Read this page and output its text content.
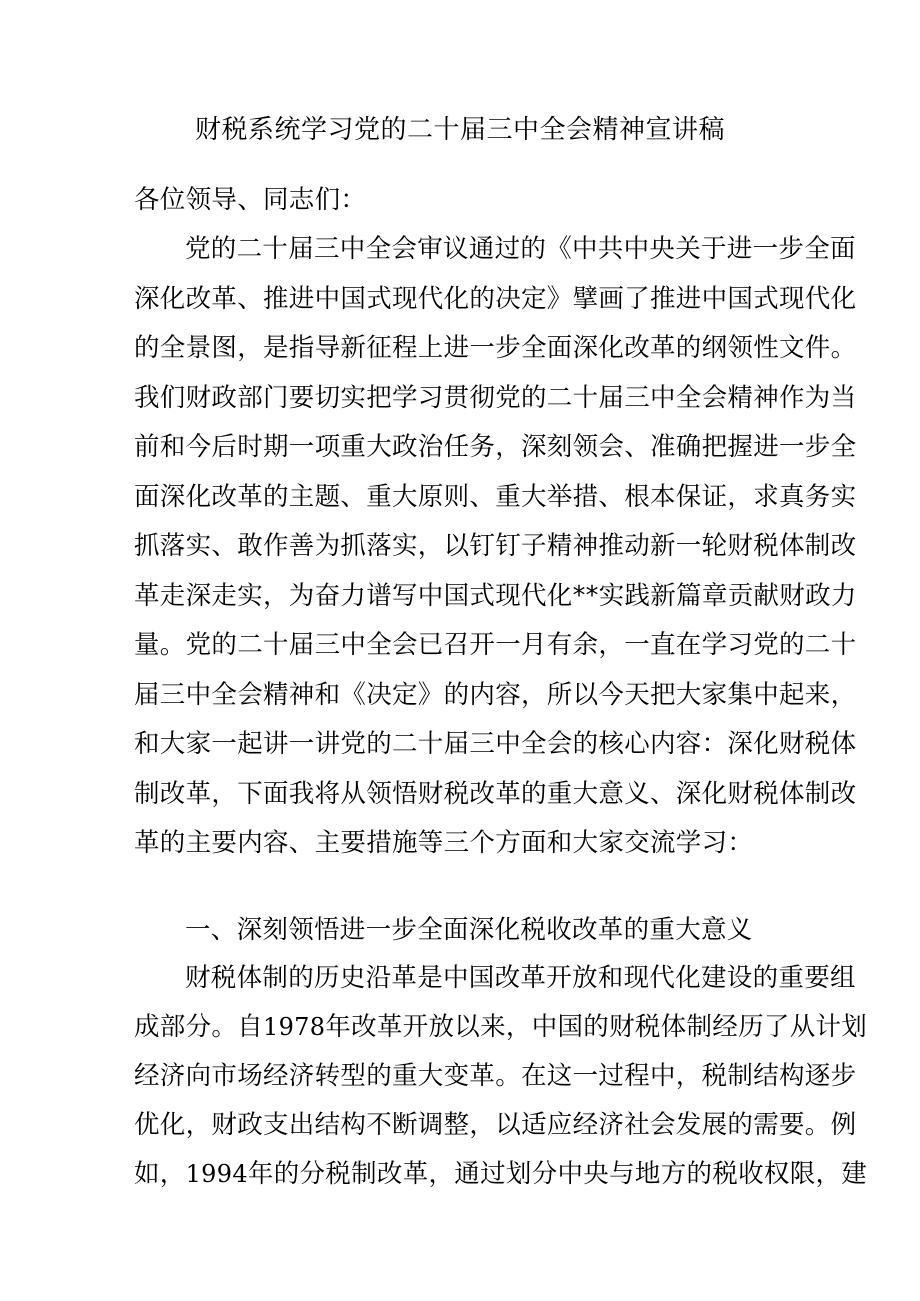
财税系统学习党的二十届三中全会精神宣讲稿
各位领导、同志们：
党的二十届三中全会审议通过的《中共中央关于进一步全面
深化改革、推进中国式现代化的决定》擘画了推进中国式现代化
的全景图，是指导新征程上进一步全面深化改革的纲领性文件。
我们财政部门要切实把学习贯彻党的二十届三中全会精神作为当
前和今后时期一项重大政治任务，深刻领会、准确把握进一步全
面深化改革的主题、重大原则、重大举措、根本保证，求真务实
抓落实、敢作善为抓落实，以钉钉子精神推动新一轮财税体制改
革走深走实，为奋力谱写中国式现代化**实践新篇章贡献财政力
量。党的二十届三中全会已召开一月有余，一直在学习党的二十
届三中全会精神和《决定》的内容，所以今天把大家集中起来，
和大家一起讲一讲党的二十届三中全会的核心内容：深化财税体
制改革，下面我将从领悟财税改革的重大意义、深化财税体制改
革的主要内容、主要措施等三个方面和大家交流学习：
一、深刻领悟进一步全面深化税收改革的重大意义
财税体制的历史沿革是中国改革开放和现代化建设的重要组
成部分。自1978年改革开放以来，中国的财税体制经历了从计划
经济向市场经济转型的重大变革。在这一过程中，税制结构逐步
优化，财政支出结构不断调整，以适应经济社会发展的需要。例
如，1994年的分税制改革，通过划分中央与地方的税收权限，建
